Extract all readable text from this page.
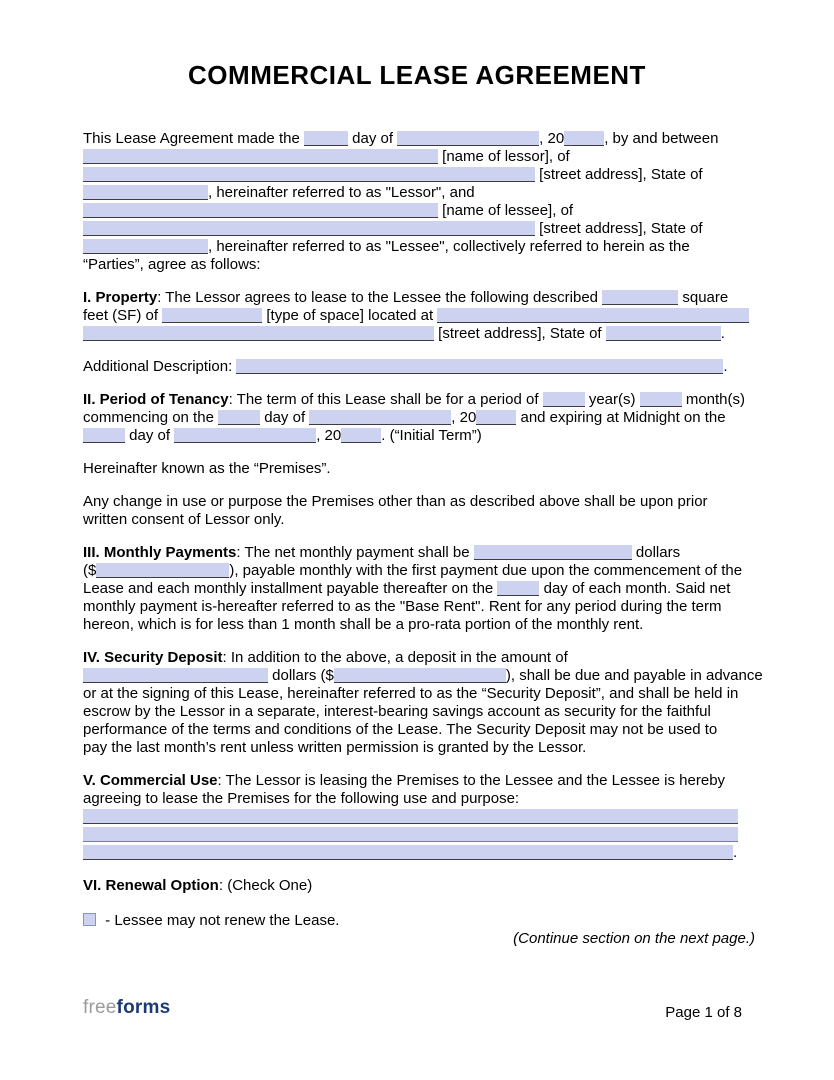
COMMERCIAL LEASE AGREEMENT
This Lease Agreement made the	day of	, 20	, by and between
[name of lessor], of
[street address], State of
, hereinafter referred to as "Lessor", and
[name of lessee], of
[street address], State of
, hereinafter referred to as "Lessee", collectively referred to herein as the
“Parties”, agree as follows:
I. Property: The Lessor agrees to lease to the Lessee the following described	square
feet (SF) of	[type of space] located at
[street address], State of	.
Additional Description:	.
II. Period of Tenancy: The term of this Lease shall be for a period of	year(s)	month(s)
commencing on the	day of	, 20	and expiring at Midnight on the
day of	, 20	. (“Initial Term”)
Hereinafter known as the “Premises”.
Any change in use or purpose the Premises other than as described above shall be upon prior
written consent of Lessor only.
III. Monthly Payments: The net monthly payment shall be	dollars
($	), payable monthly with the first payment due upon the commencement of the
Lease and each monthly installment payable thereafter on the	day of each month. Said net
monthly payment is-hereafter referred to as the "Base Rent". Rent for any period during the term
hereon, which is for less than 1 month shall be a pro-rata portion of the monthly rent.
IV. Security Deposit: In addition to the above, a deposit in the amount of
dollars ($	), shall be due and payable in advance
or at the signing of this Lease, hereinafter referred to as the “Security Deposit”, and shall be held in
escrow by the Lessor in a separate, interest-bearing savings account as security for the faithful
performance of the terms and conditions of the Lease. The Security Deposit may not be used to
pay the last month’s rent unless written permission is granted by the Lessor.
V. Commercial Use: The Lessor is leasing the Premises to the Lessee and the Lessee is hereby
agreeing to lease the Premises for the following use and purpose:
.
VI. Renewal Option: (Check One)
- Lessee may not renew the Lease.
(Continue section on the next page.)
freeforms	Page 1 of 8
